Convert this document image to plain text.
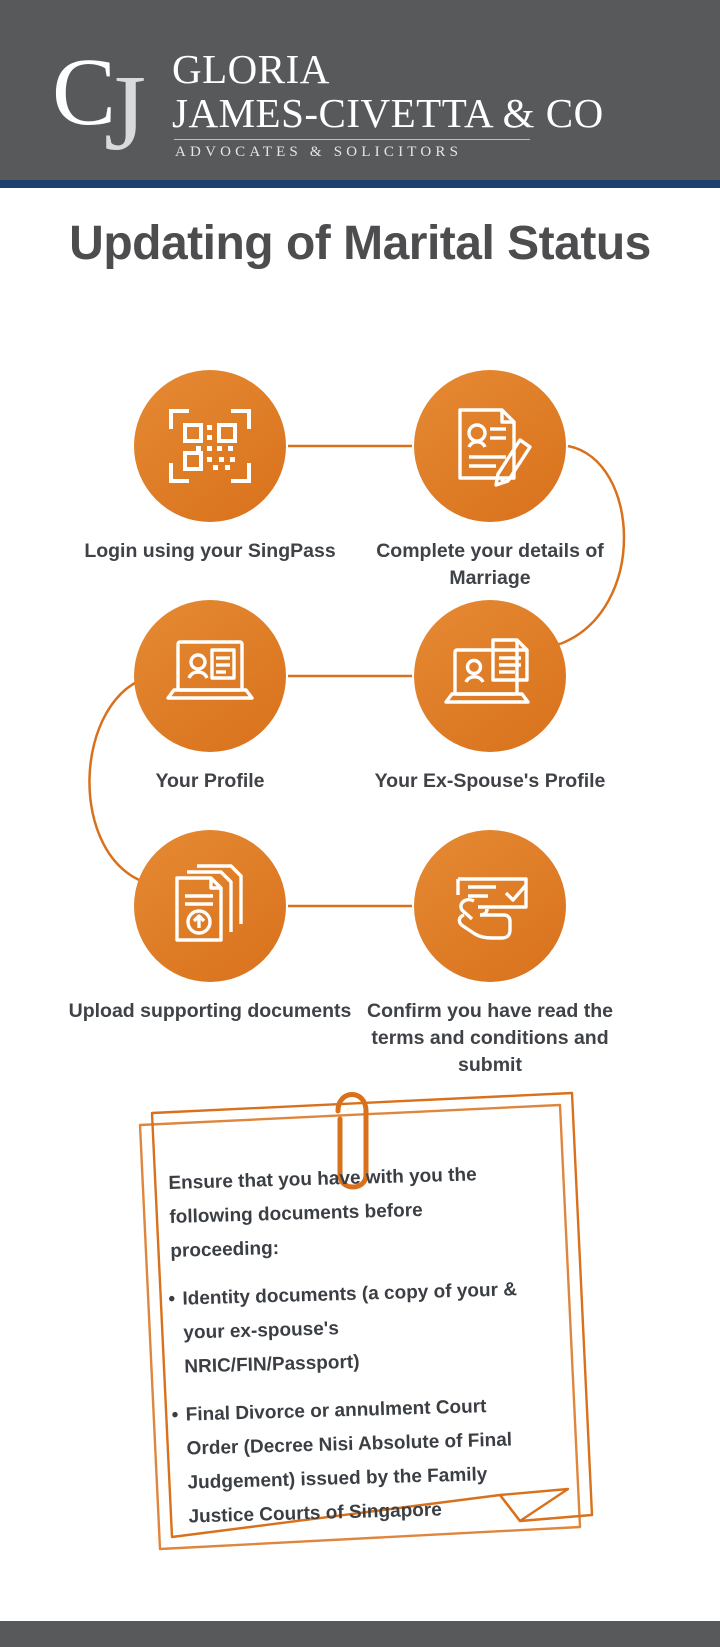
C
J GLORIA
JAMES-CIVETTA & CO
ADVOCATES & SOLICITORS
Updating of Marital Status
Login using your SingPass	Complete your details of Marriage
Your Profile	Your Ex-Spouse's Profile
Upload supporting documents Confirm you have read the terms and conditions and submit
Ensure that you have with you the following documents before proceeding:
• Identity documents (a copy of your & your ex-spouse's NRIC/FIN/Passport)
• Final Divorce or annulment Court Order (Decree Nisi Absolute of Final Judgement) issued by the Family Justice Courts of Singapore
